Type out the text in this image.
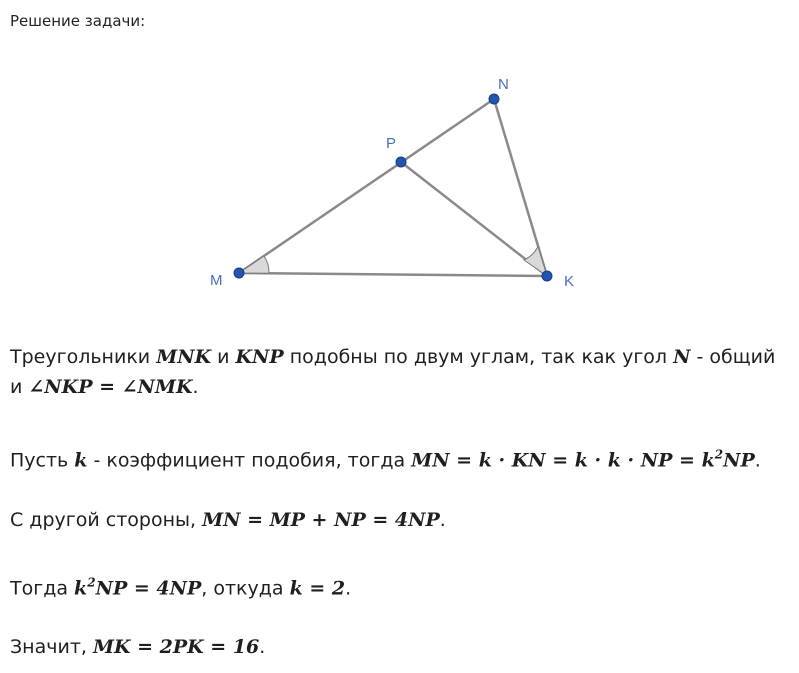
Решение задачи:
N
P
M	K
Треугольники MNK и KNP подобны по двум углам, так как угол N - общий
и ∠NKP = ∠NMK.
Пусть k - коэффициент подобия, тогда MN = k · KN = k · k · NP = $k^2NP$.
С другой стороны, MN = MP + NP = 4NP.
Тогда $k^2NP = 4NP$, откуда k = 2.
Значит, MK = 2PK = 16.
